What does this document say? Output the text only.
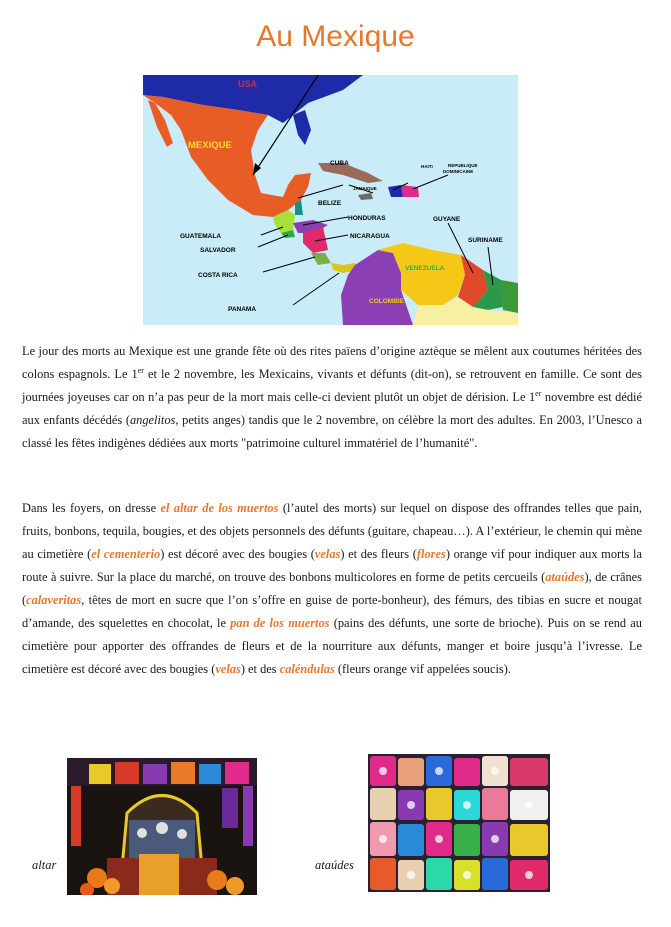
Au Mexique
USA
MEXIQUE
CUBA	HAITI	REPUBLIQUE
DOMINICAINE
JAMAIQUE
BELIZE
HONDURAS	GUYANE
GUATEMALA	NICARAGUA
SURINAME
SALVADOR
VENEZUELA
COSTA RICA
COLOMBIE
PANAMA

Le jour des morts au Mexique est une grande fête où des rites païens d’origine aztèque se mêlent aux coutumes héritées des colons espagnols. Le 1er et le 2 novembre, les Mexicains, vivants et défunts (dit-on), se retrouvent en famille. Ce sont des journées joyeuses car on n’a pas peur de la mort mais celle-ci devient plutôt un objet de dérision. Le 1er novembre est dédié aux enfants décédés (angelitos, petits anges) tandis que le 2 novembre, on célèbre la mort des adultes. En 2003, l’Unesco a classé les fêtes indigènes dédiées aux morts "patrimoine culturel immatériel de l’humanité".

Dans les foyers, on dresse el altar de los muertos (l’autel des morts) sur lequel on dispose des offrandes telles que pain, fruits, bonbons, tequila, bougies, et des objets personnels des défunts (guitare, chapeau…). A l’extérieur, le chemin qui mène au cimetière (el cementerio) est décoré avec des bougies (velas) et des fleurs (flores) orange vif pour indiquer aux morts la route à suivre. Sur la place du marché, on trouve des bonbons multicolores en forme de petits cercueils (ataúdes), de crânes (calaveritas, têtes de mort en sucre que l’on s’offre en guise de porte-bonheur), des fémurs, des tibias en sucre et nougat d’amande, des squelettes en chocolat, le pan de los muertos (pains des défunts, une sorte de brioche). Puis on se rend au cimetière pour apporter des offrandes de fleurs et de la nourriture aux défunts, manger et boire jusqu’à l’ivresse. Le cimetière est décoré avec des bougies (velas) et des caléndulas (fleurs orange vif appelées soucis).

altar	ataúdes
